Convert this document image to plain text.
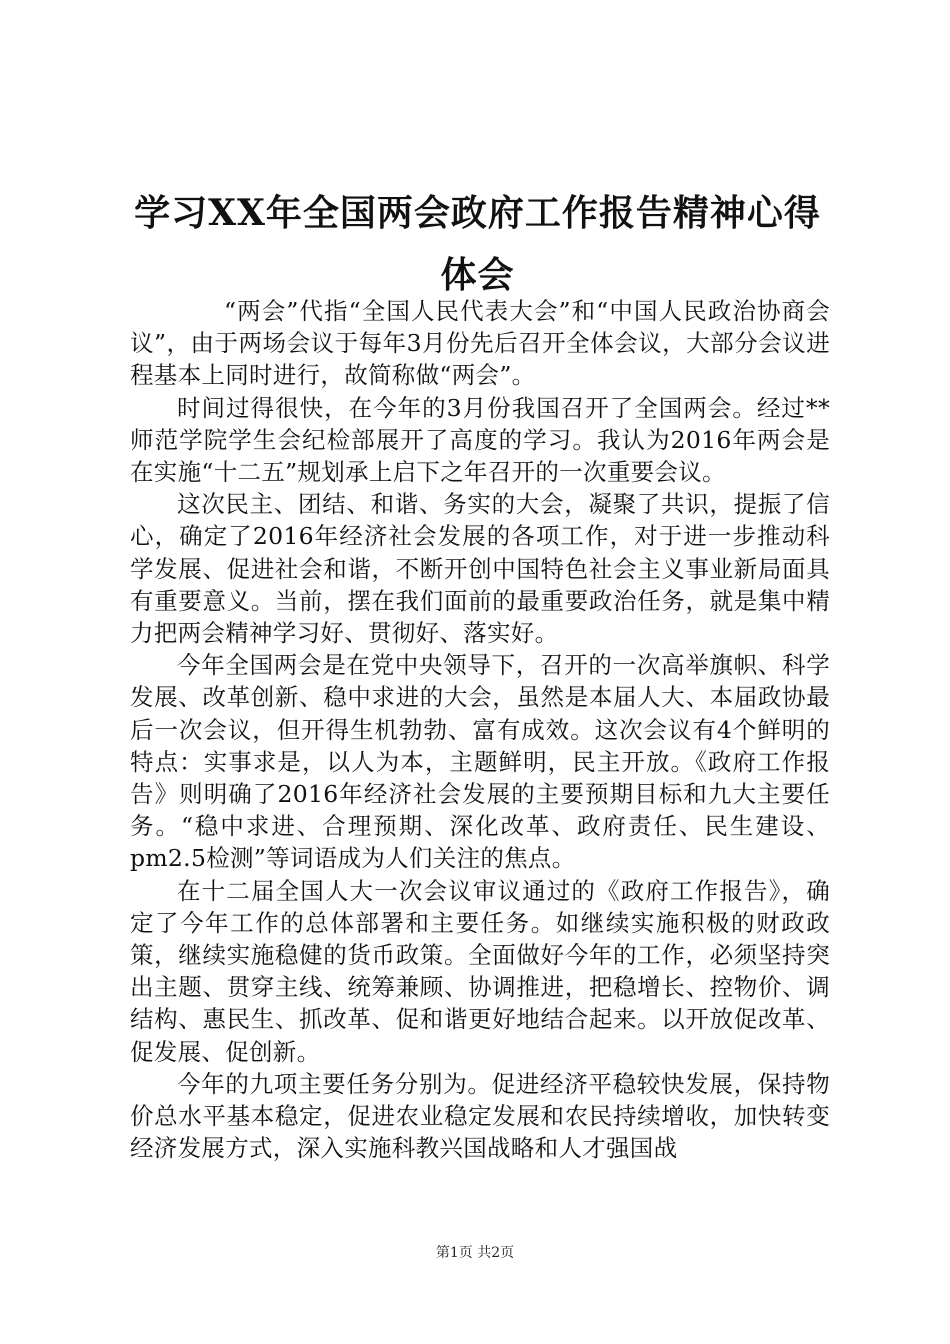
学习XX年全国两会政府工作报告精神心得体会

“两会”代指“全国人民代表大会”和“中国人民政治协商会议”，由于两场会议于每年3月份先后召开全体会议，大部分会议进程基本上同时进行，故简称做“两会”。

时间过得很快，在今年的3月份我国召开了全国两会。经过**师范学院学生会纪检部展开了高度的学习。我认为2016年两会是在实施“十二五”规划承上启下之年召开的一次重要会议。

这次民主、团结、和谐、务实的大会，凝聚了共识，提振了信心，确定了2016年经济社会发展的各项工作，对于进一步推动科学发展、促进社会和谐，不断开创中国特色社会主义事业新局面具有重要意义。当前，摆在我们面前的最重要政治任务，就是集中精力把两会精神学习好、贯彻好、落实好。

今年全国两会是在党中央领导下，召开的一次高举旗帜、科学发展、改革创新、稳中求进的大会，虽然是本届人大、本届政协最后一次会议，但开得生机勃勃、富有成效。这次会议有4个鲜明的特点：实事求是，以人为本，主题鲜明，民主开放。《政府工作报告》则明确了2016年经济社会发展的主要预期目标和九大主要任务。“稳中求进、合理预期、深化改革、政府责任、民生建设、pm2.5检测”等词语成为人们关注的焦点。

在十二届全国人大一次会议审议通过的《政府工作报告》，确定了今年工作的总体部署和主要任务。如继续实施积极的财政政策，继续实施稳健的货币政策。全面做好今年的工作，必须坚持突出主题、贯穿主线、统筹兼顾、协调推进，把稳增长、控物价、调结构、惠民生、抓改革、促和谐更好地结合起来。以开放促改革、促发展、促创新。

今年的九项主要任务分别为。促进经济平稳较快发展，保持物价总水平基本稳定，促进农业稳定发展和农民持续增收，加快转变经济发展方式，深入实施科教兴国战略和人才强国战

第1页 共2页
